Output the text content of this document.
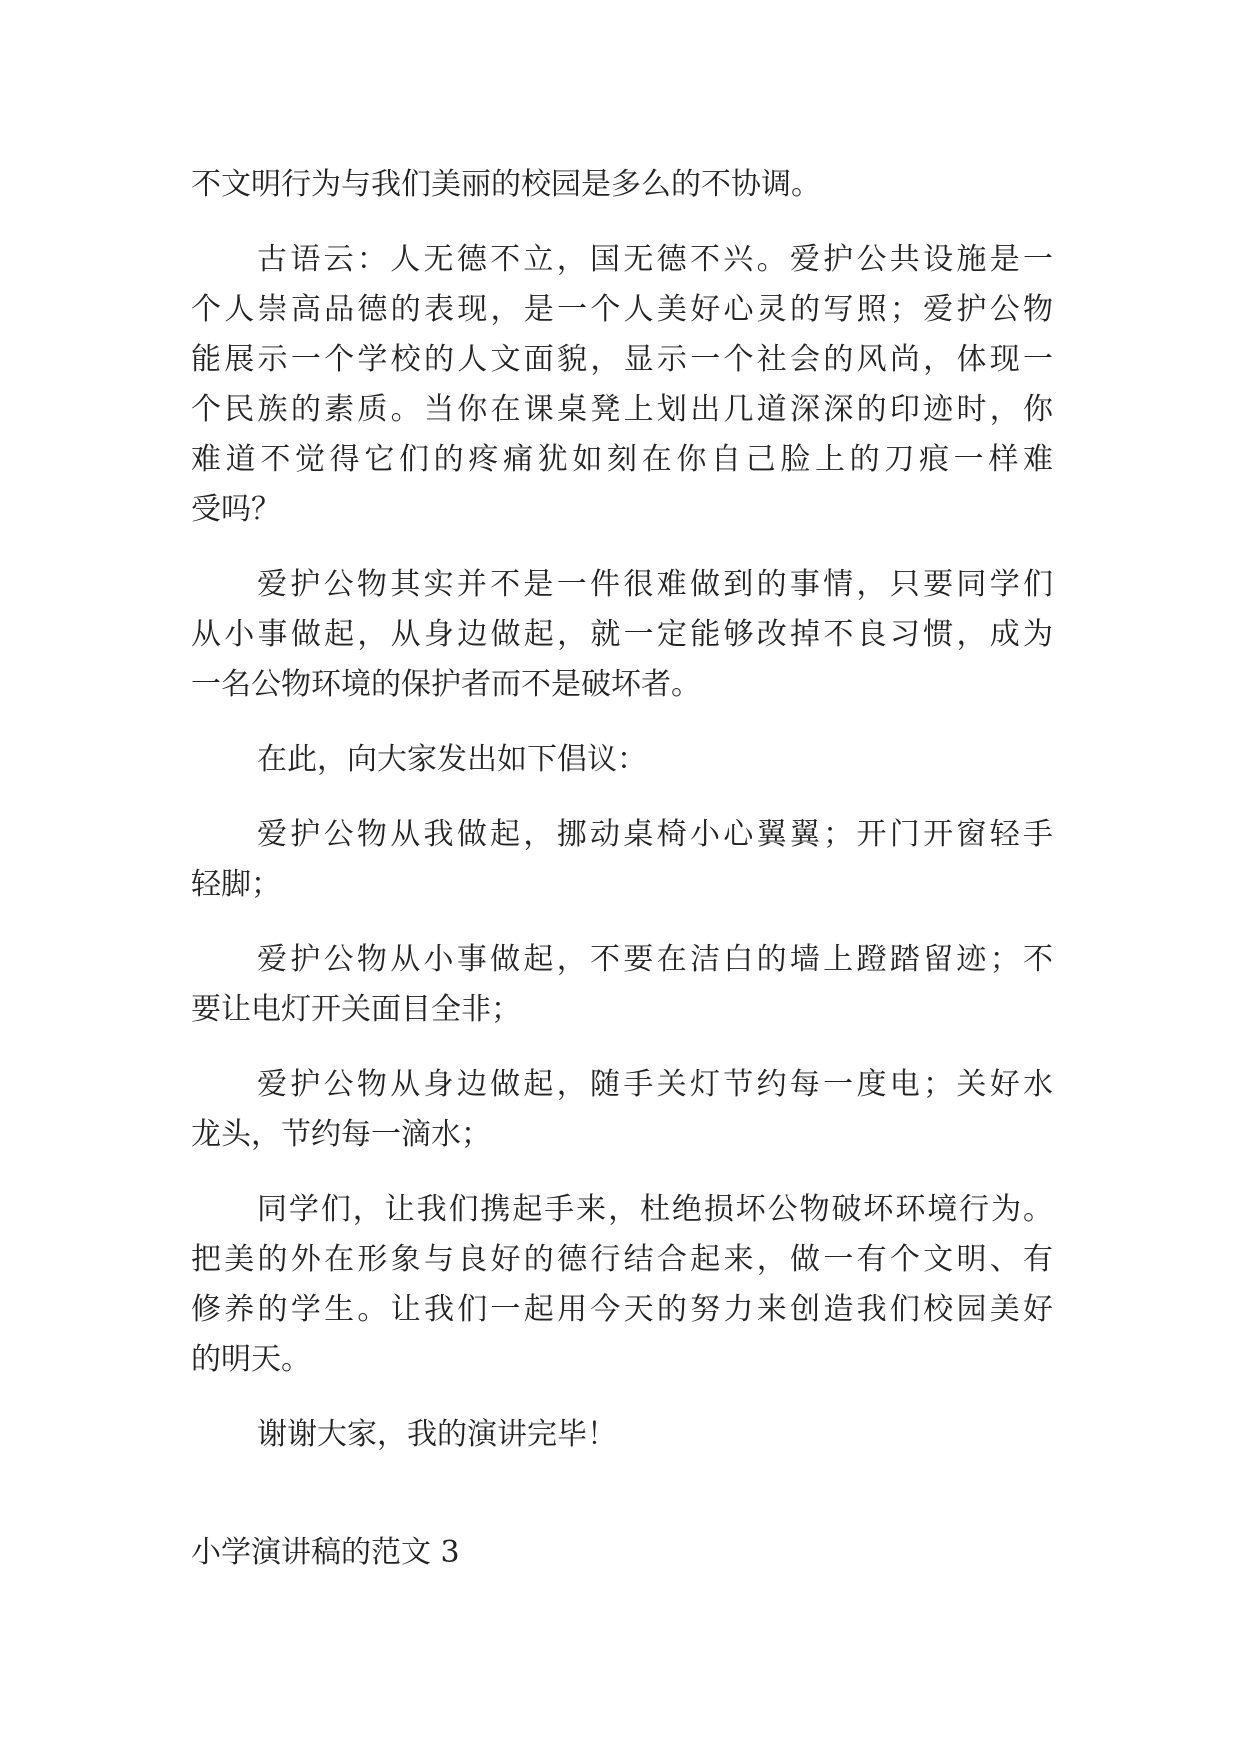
不文明行为与我们美丽的校园是多么的不协调。
古语云：人无德不立，国无德不兴。爱护公共设施是一
个人崇高品德的表现，是一个人美好心灵的写照；爱护公物
能展示一个学校的人文面貌，显示一个社会的风尚，体现一
个民族的素质。当你在课桌凳上划出几道深深的印迹时，你
难道不觉得它们的疼痛犹如刻在你自己脸上的刀痕一样难
受吗？
爱护公物其实并不是一件很难做到的事情，只要同学们
从小事做起，从身边做起，就一定能够改掉不良习惯，成为
一名公物环境的保护者而不是破坏者。
在此，向大家发出如下倡议：
爱护公物从我做起，挪动桌椅小心翼翼；开门开窗轻手
轻脚；
爱护公物从小事做起，不要在洁白的墙上蹬踏留迹；不
要让电灯开关面目全非；
爱护公物从身边做起，随手关灯节约每一度电；关好水
龙头，节约每一滴水；
同学们，让我们携起手来，杜绝损坏公物破坏环境行为。
把美的外在形象与良好的德行结合起来，做一有个文明、有
修养的学生。让我们一起用今天的努力来创造我们校园美好
的明天。
谢谢大家，我的演讲完毕！
小学演讲稿的范文 3
